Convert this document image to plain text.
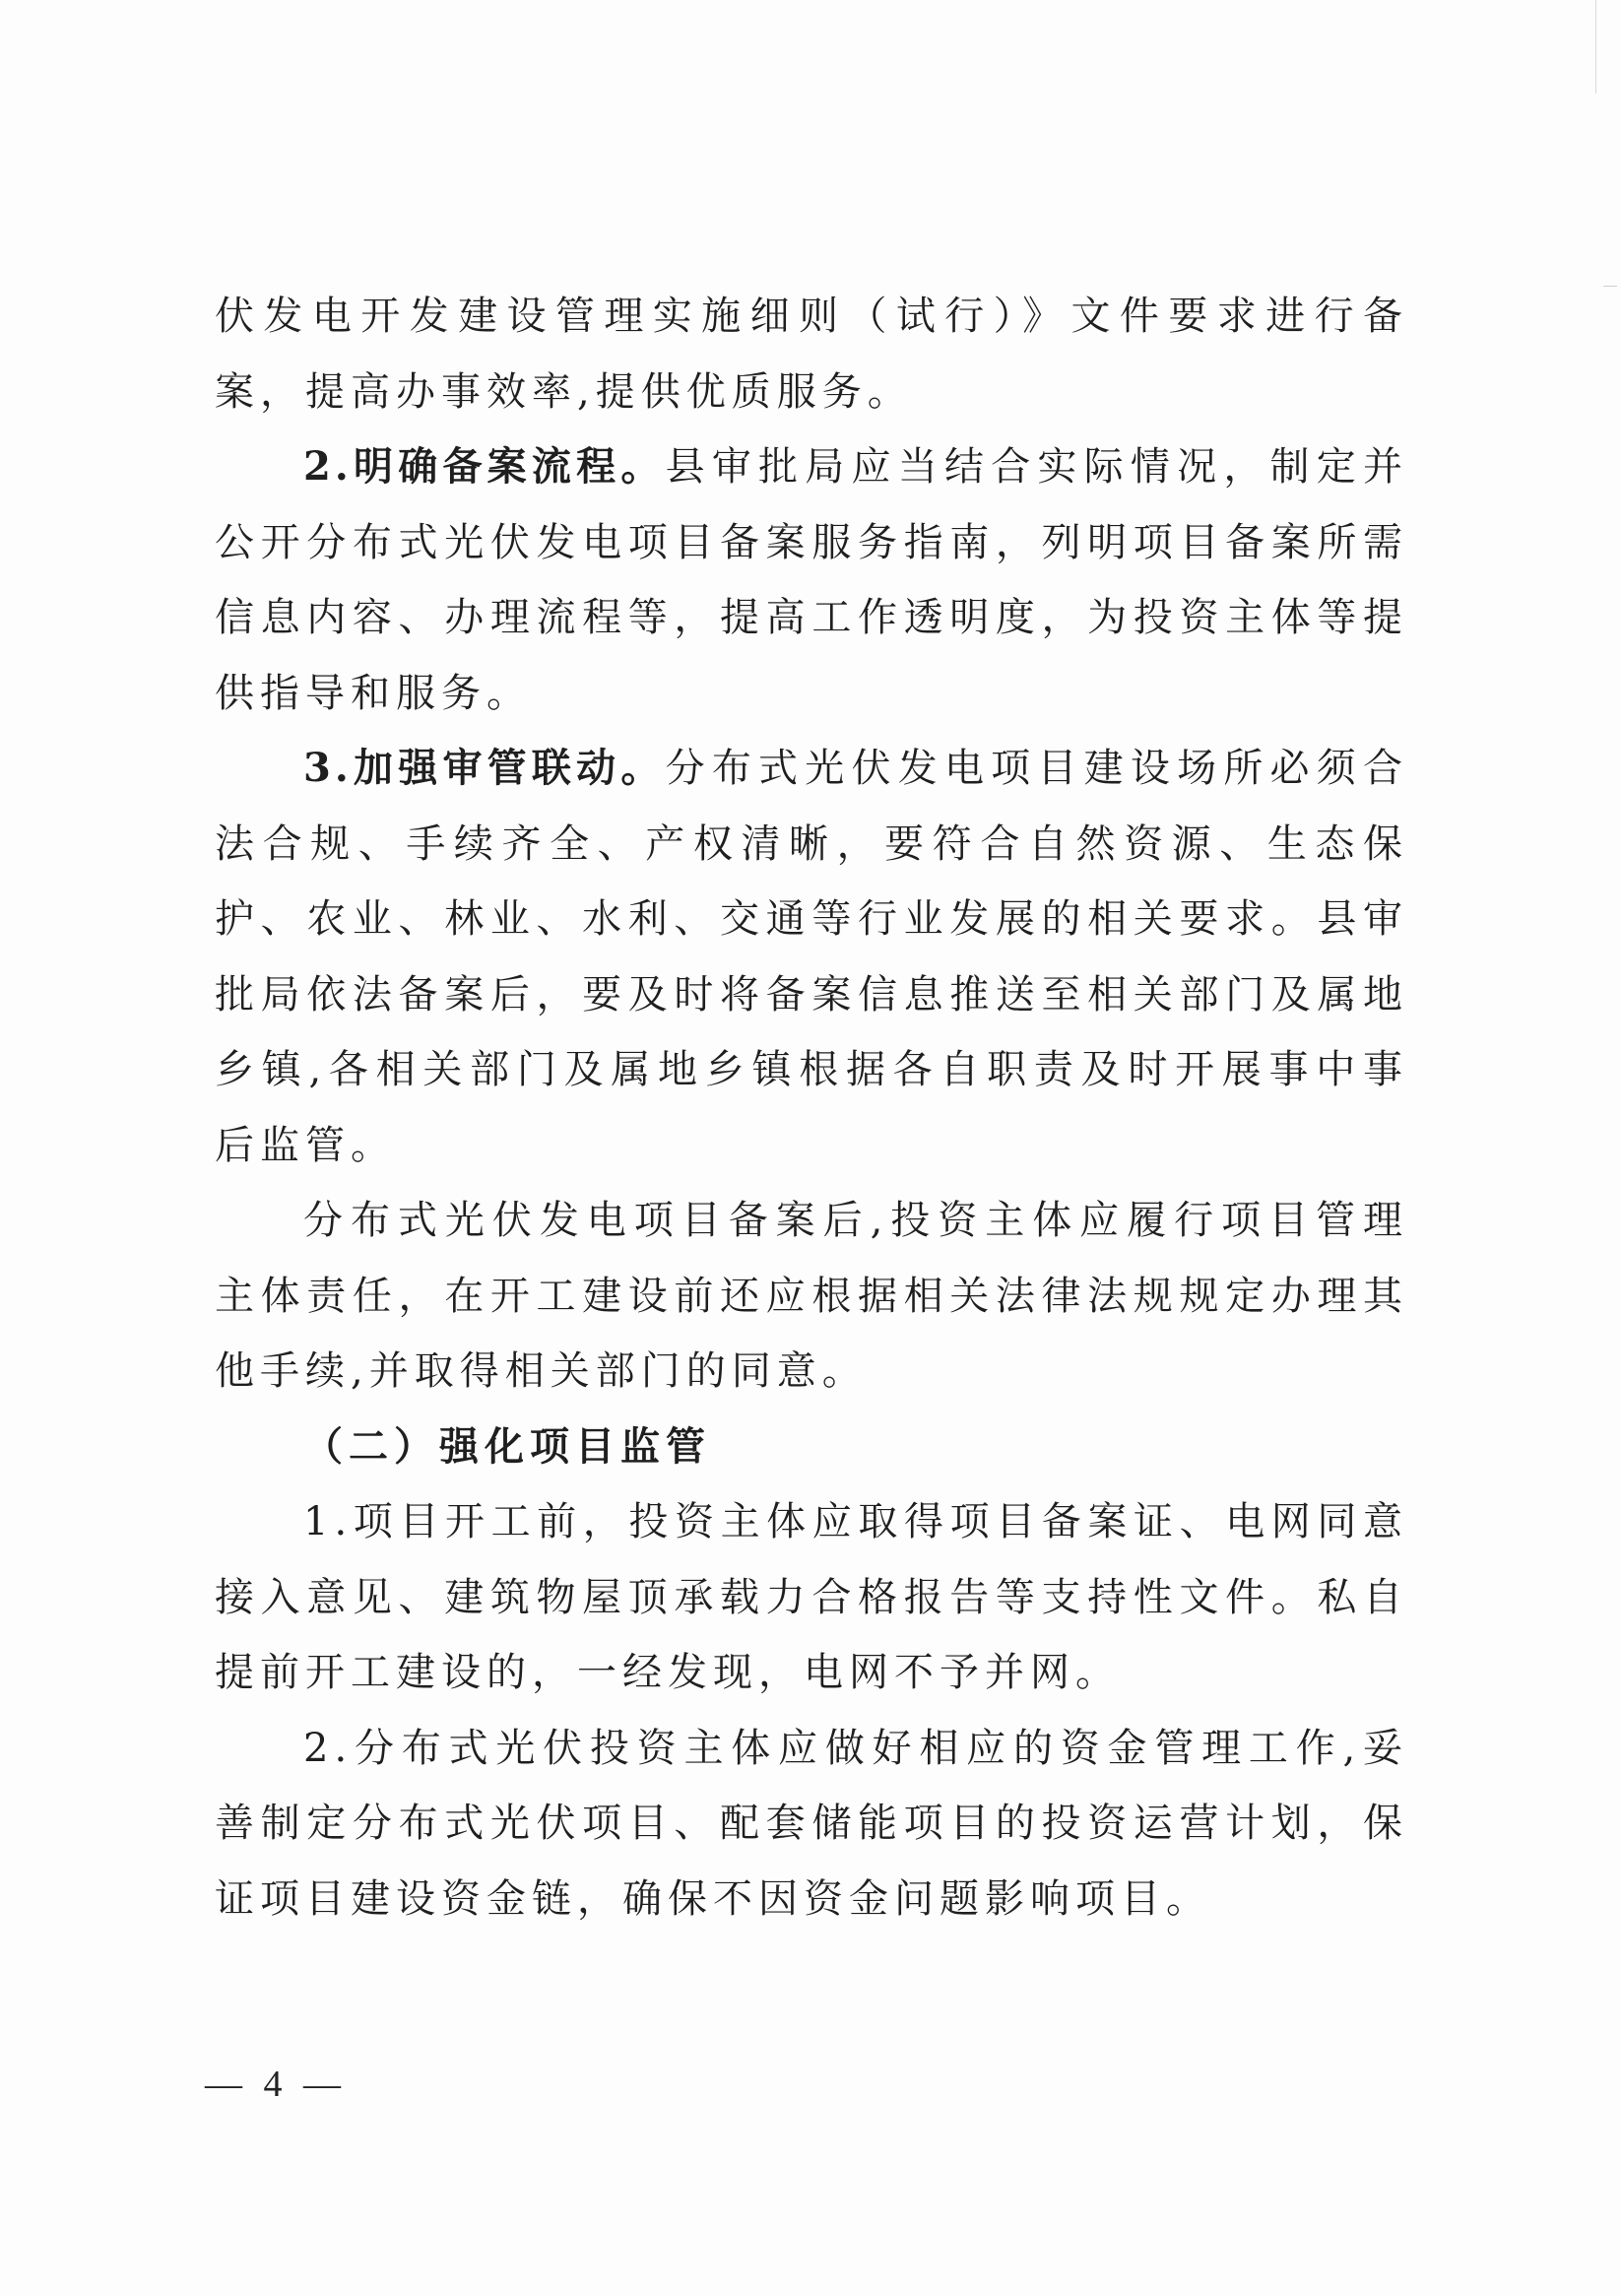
伏发电开发建设管理实施细则（试行）》文件要求进行备案，提高办事效率,提供优质服务。

2.明确备案流程。县审批局应当结合实际情况，制定并公开分布式光伏发电项目备案服务指南，列明项目备案所需信息内容、办理流程等，提高工作透明度，为投资主体等提供指导和服务。

3.加强审管联动。分布式光伏发电项目建设场所必须合法合规、手续齐全、产权清晰，要符合自然资源、生态保护、农业、林业、水利、交通等行业发展的相关要求。县审批局依法备案后，要及时将备案信息推送至相关部门及属地乡镇,各相关部门及属地乡镇根据各自职责及时开展事中事后监管。

分布式光伏发电项目备案后,投资主体应履行项目管理主体责任，在开工建设前还应根据相关法律法规规定办理其他手续,并取得相关部门的同意。

（二）强化项目监管

1.项目开工前，投资主体应取得项目备案证、电网同意接入意见、建筑物屋顶承载力合格报告等支持性文件。私自提前开工建设的，一经发现，电网不予并网。

2.分布式光伏投资主体应做好相应的资金管理工作,妥善制定分布式光伏项目、配套储能项目的投资运营计划，保证项目建设资金链，确保不因资金问题影响项目。

— 4 —
